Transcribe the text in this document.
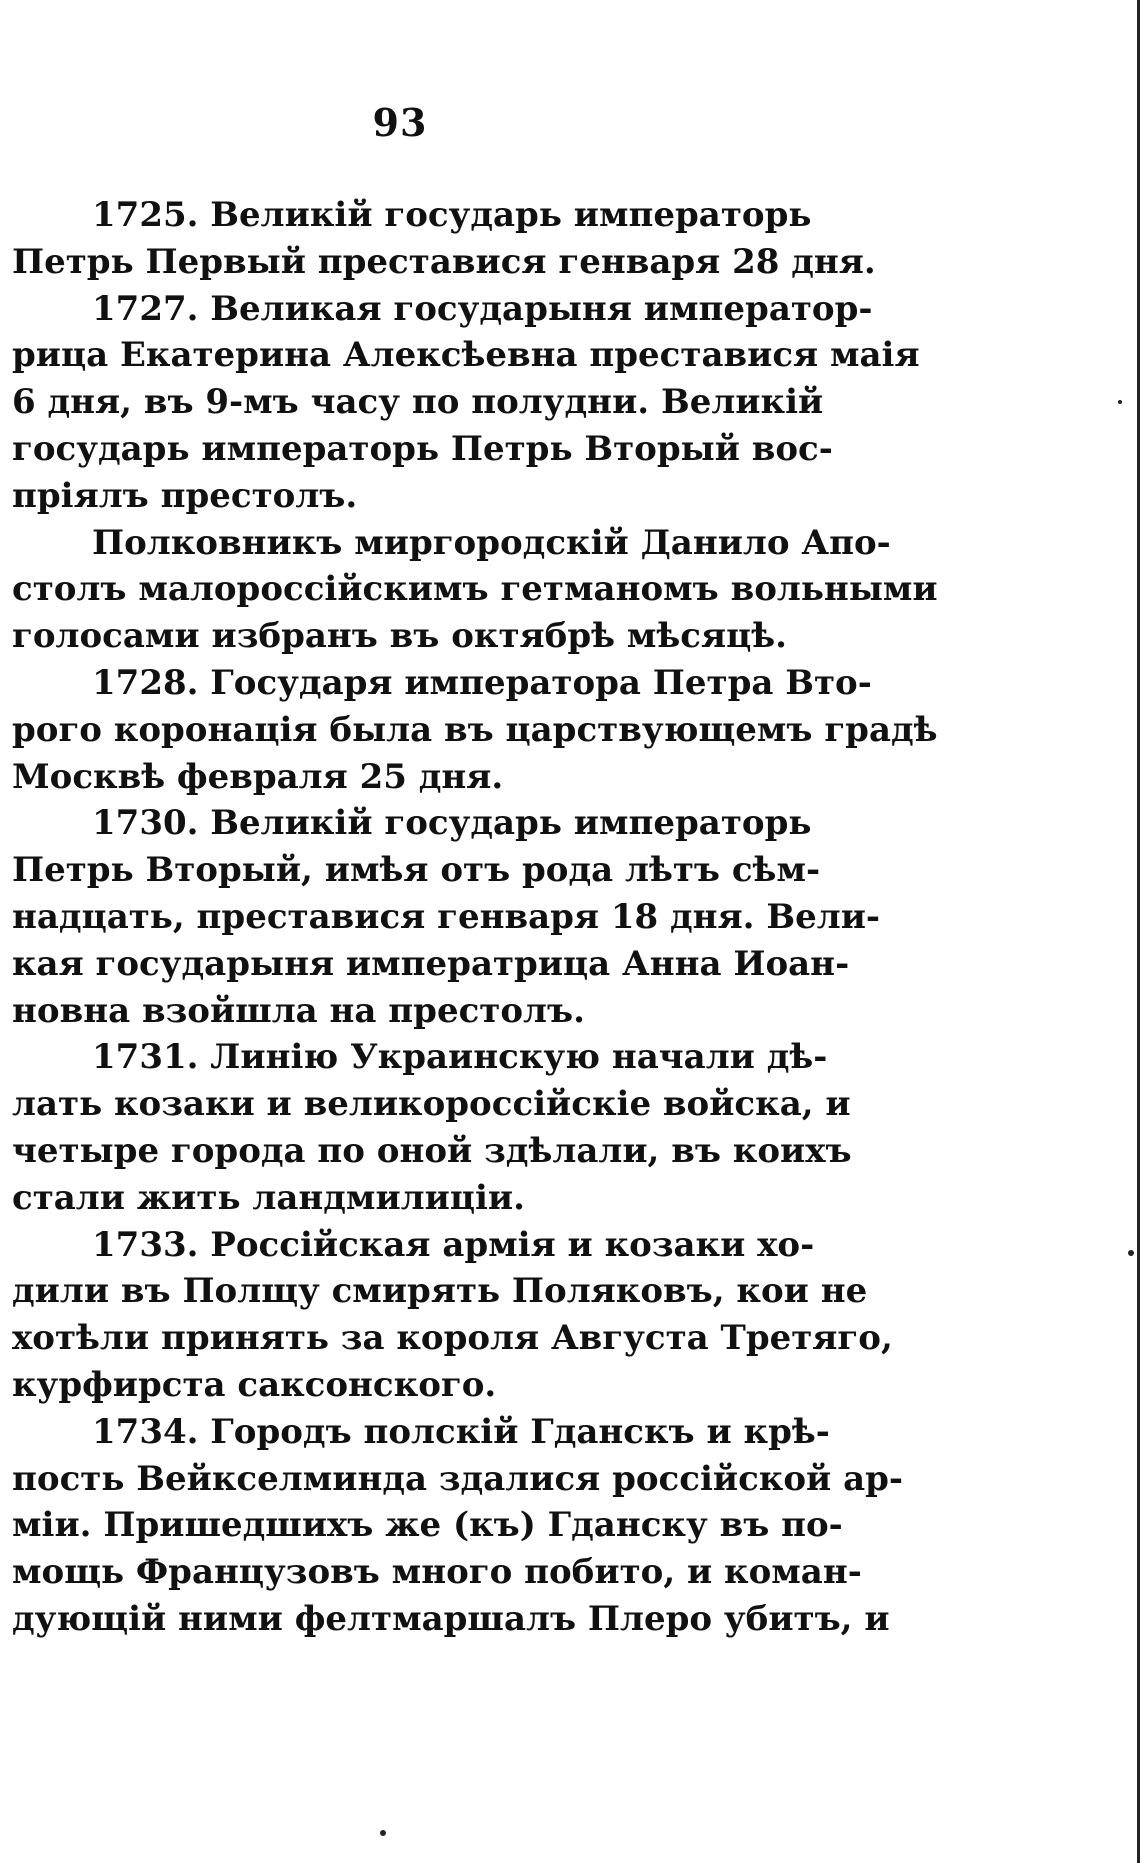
93
1725. Великій государь императорь
Петрь Первый преставися генваря 28 дня.
1727. Великая государыня император-
рица Екатерина Алексѣевна преставися маія
6 дня, въ 9-мъ часу по полудни. Великій
государь императорь Петрь Вторый вос-
пріялъ престолъ.
Полковникъ миргородскій Данило Апо-
столъ малороссійскимъ гетманомъ вольными
голосами избранъ въ октябрѣ мѣсяцѣ.
1728. Государя императора Петра Вто-
рого коронація была въ царствующемъ градѣ
Москвѣ февраля 25 дня.
1730. Великій государь императорь
Петрь Вторый, имѣя отъ рода лѣтъ сѣм-
надцать, преставися генваря 18 дня. Вели-
кая государыня императрица Анна Иоан-
новна взойшла на престолъ.
1731. Линію Украинскую начали дѣ-
лать козаки и великороссійскіе войска, и
четыре города по оной здѣлали, въ коихъ
стали жить ландмилиціи.
1733. Россійская армія и козаки хо-
дили въ Полщу смирять Поляковъ, кои не
хотѣли принять за короля Августа Третяго,
курфирста саксонского.
1734. Городъ полскій Гданскъ и крѣ-
пость Вейкселминда здалися россійской ар-
міи. Пришедшихъ же (къ) Гданску въ по-
мощь Французовъ много побито, и коман-
дующій ними фелтмаршалъ Плеро убитъ, и
